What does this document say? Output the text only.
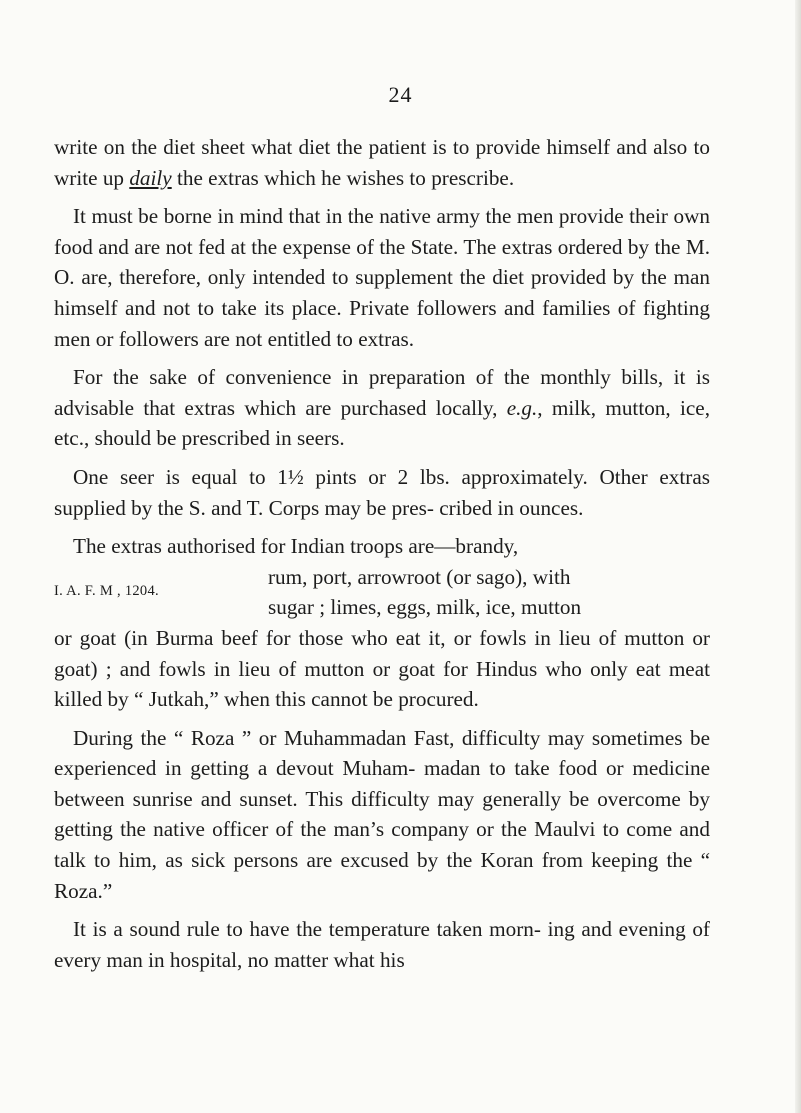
24

write on the diet sheet what diet the patient is to provide himself and also to write up daily the extras which he wishes to prescribe.

It must be borne in mind that in the native army the men provide their own food and are not fed at the expense of the State. The extras ordered by the M. O. are, therefore, only intended to supplement the diet provided by the man himself and not to take its place. Private followers and families of fighting men or followers are not entitled to extras.

For the sake of convenience in preparation of the monthly bills, it is advisable that extras which are purchased locally, e.g., milk, mutton, ice, etc., should be prescribed in seers.

One seer is equal to 1½ pints or 2 lbs. approximately. Other extras supplied by the S. and T. Corps may be pres- cribed in ounces.

The extras authorised for Indian troops are—brandy,

I. A. F. M , 1204.
rum, port, arrowroot (or sago), with
sugar ; limes, eggs, milk, ice, mutton

or goat (in Burma beef for those who eat it, or fowls in lieu of mutton or goat) ; and fowls in lieu of mutton or goat for Hindus who only eat meat killed by “ Jutkah,” when this cannot be procured.

During the “ Roza ” or Muhammadan Fast, difficulty may sometimes be experienced in getting a devout Muham- madan to take food or medicine between sunrise and sunset. This difficulty may generally be overcome by getting the native officer of the man’s company or the Maulvi to come and talk to him, as sick persons are excused by the Koran from keeping the “ Roza.”

It is a sound rule to have the temperature taken morn- ing and evening of every man in hospital, no matter what his
